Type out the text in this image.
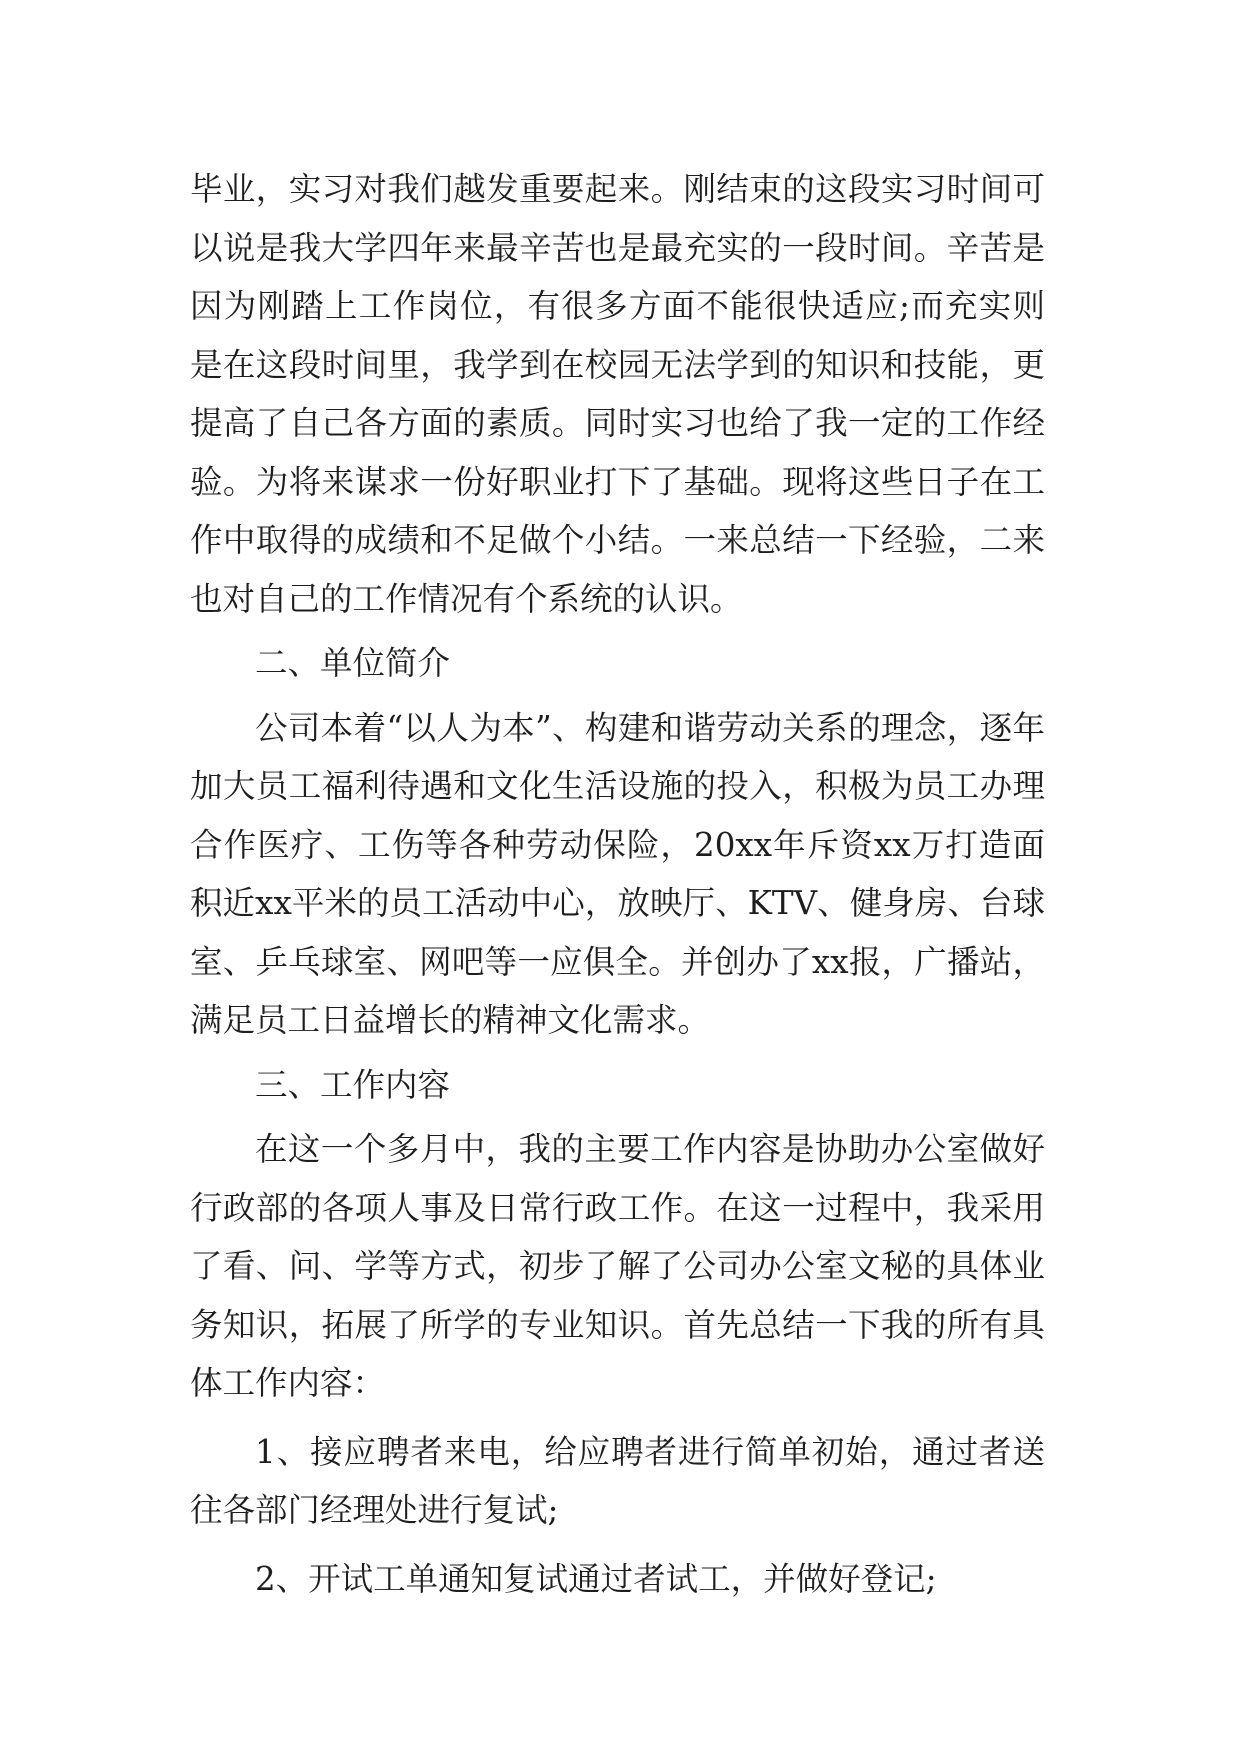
毕业，实习对我们越发重要起来。刚结束的这段实习时间可以说是我大学四年来最辛苦也是最充实的一段时间。辛苦是因为刚踏上工作岗位，有很多方面不能很快适应;而充实则是在这段时间里，我学到在校园无法学到的知识和技能，更提高了自己各方面的素质。同时实习也给了我一定的工作经验。为将来谋求一份好职业打下了基础。现将这些日子在工作中取得的成绩和不足做个小结。一来总结一下经验，二来也对自己的工作情况有个系统的认识。

二、单位简介

公司本着“以人为本”、构建和谐劳动关系的理念，逐年加大员工福利待遇和文化生活设施的投入，积极为员工办理合作医疗、工伤等各种劳动保险，20xx年斥资xx万打造面积近xx平米的员工活动中心，放映厅、KTV、健身房、台球室、乒乓球室、网吧等一应俱全。并创办了xx报，广播站，满足员工日益增长的精神文化需求。

三、工作内容

在这一个多月中，我的主要工作内容是协助办公室做好行政部的各项人事及日常行政工作。在这一过程中，我采用了看、问、学等方式，初步了解了公司办公室文秘的具体业务知识，拓展了所学的专业知识。首先总结一下我的所有具体工作内容：

1、接应聘者来电，给应聘者进行简单初始，通过者送往各部门经理处进行复试;

2、开试工单通知复试通过者试工，并做好登记;
